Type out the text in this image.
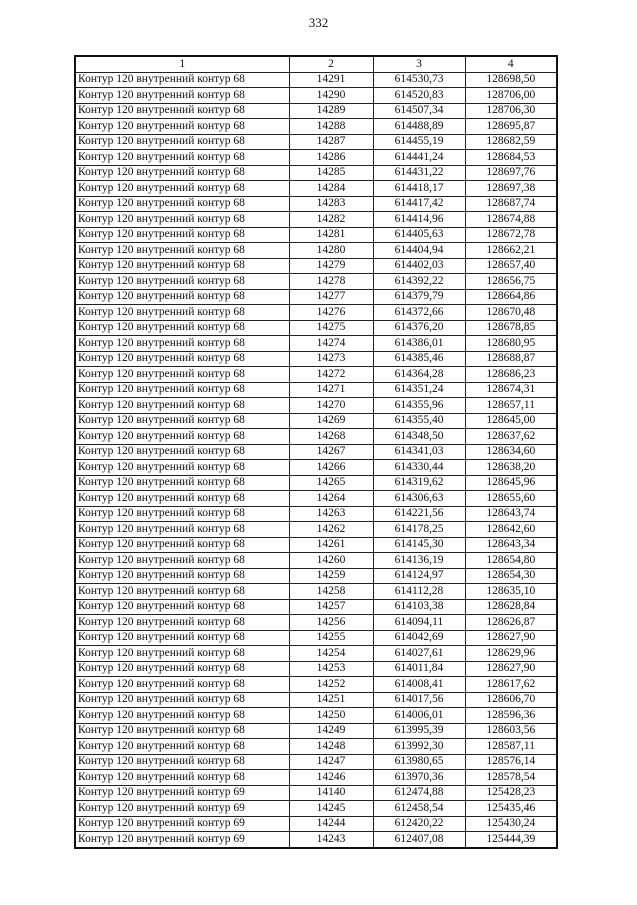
332
1	2	3	4
Контур 120 внутренний контур 68	14291	614530,73	128698,50
Контур 120 внутренний контур 68	14290	614520,83	128706,00
Контур 120 внутренний контур 68	14289	614507,34	128706,30
Контур 120 внутренний контур 68	14288	614488,89	128695,87
Контур 120 внутренний контур 68	14287	614455,19	128682,59
Контур 120 внутренний контур 68	14286	614441,24	128684,53
Контур 120 внутренний контур 68	14285	614431,22	128697,76
Контур 120 внутренний контур 68	14284	614418,17	128697,38
Контур 120 внутренний контур 68	14283	614417,42	128687,74
Контур 120 внутренний контур 68	14282	614414,96	128674,88
Контур 120 внутренний контур 68	14281	614405,63	128672,78
Контур 120 внутренний контур 68	14280	614404,94	128662,21
Контур 120 внутренний контур 68	14279	614402,03	128657,40
Контур 120 внутренний контур 68	14278	614392,22	128656,75
Контур 120 внутренний контур 68	14277	614379,79	128664,86
Контур 120 внутренний контур 68	14276	614372,66	128670,48
Контур 120 внутренний контур 68	14275	614376,20	128678,85
Контур 120 внутренний контур 68	14274	614386,01	128680,95
Контур 120 внутренний контур 68	14273	614385,46	128688,87
Контур 120 внутренний контур 68	14272	614364,28	128686,23
Контур 120 внутренний контур 68	14271	614351,24	128674,31
Контур 120 внутренний контур 68	14270	614355,96	128657,11
Контур 120 внутренний контур 68	14269	614355,40	128645,00
Контур 120 внутренний контур 68	14268	614348,50	128637,62
Контур 120 внутренний контур 68	14267	614341,03	128634,60
Контур 120 внутренний контур 68	14266	614330,44	128638,20
Контур 120 внутренний контур 68	14265	614319,62	128645,96
Контур 120 внутренний контур 68	14264	614306,63	128655,60
Контур 120 внутренний контур 68	14263	614221,56	128643,74
Контур 120 внутренний контур 68	14262	614178,25	128642,60
Контур 120 внутренний контур 68	14261	614145,30	128643,34
Контур 120 внутренний контур 68	14260	614136,19	128654,80
Контур 120 внутренний контур 68	14259	614124,97	128654,30
Контур 120 внутренний контур 68	14258	614112,28	128635,10
Контур 120 внутренний контур 68	14257	614103,38	128628,84
Контур 120 внутренний контур 68	14256	614094,11	128626,87
Контур 120 внутренний контур 68	14255	614042,69	128627,90
Контур 120 внутренний контур 68	14254	614027,61	128629,96
Контур 120 внутренний контур 68	14253	614011,84	128627,90
Контур 120 внутренний контур 68	14252	614008,41	128617,62
Контур 120 внутренний контур 68	14251	614017,56	128606,70
Контур 120 внутренний контур 68	14250	614006,01	128596,36
Контур 120 внутренний контур 68	14249	613995,39	128603,56
Контур 120 внутренний контур 68	14248	613992,30	128587,11
Контур 120 внутренний контур 68	14247	613980,65	128576,14
Контур 120 внутренний контур 68	14246	613970,36	128578,54
Контур 120 внутренний контур 69	14140	612474,88	125428,23
Контур 120 внутренний контур 69	14245	612458,54	125435,46
Контур 120 внутренний контур 69	14244	612420,22	125430,24
Контур 120 внутренний контур 69	14243	612407,08	125444,39
